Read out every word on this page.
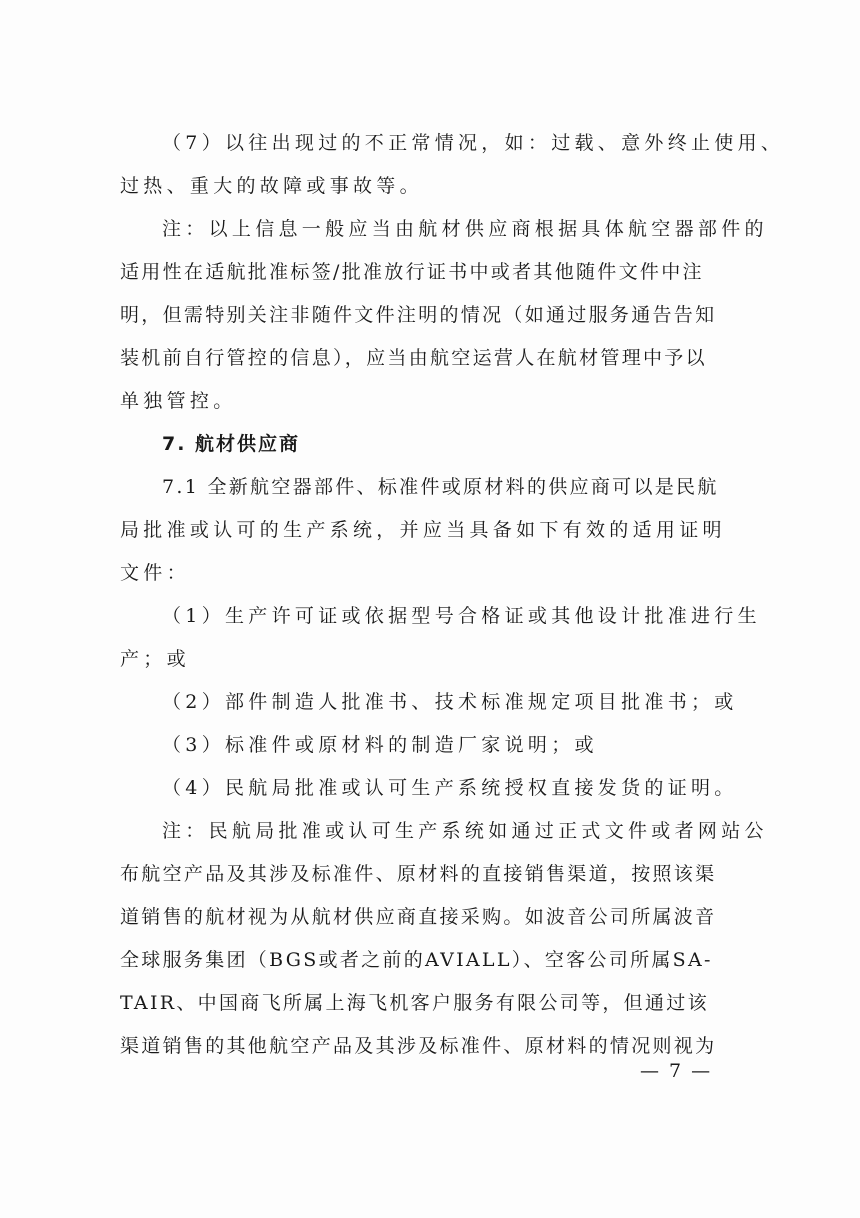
（7）以往出现过的不正常情况，如：过载、意外终止使用、
过热、重大的故障或事故等。
注：以上信息一般应当由航材供应商根据具体航空器部件的
适用性在适航批准标签/批准放行证书中或者其他随件文件中注
明，但需特别关注非随件文件注明的情况（如通过服务通告告知
装机前自行管控的信息），应当由航空运营人在航材管理中予以
单独管控。
7. 航材供应商
7.1 全新航空器部件、标准件或原材料的供应商可以是民航
局批准或认可的生产系统，并应当具备如下有效的适用证明
文件：
（1）生产许可证或依据型号合格证或其他设计批准进行生
产；或
（2）部件制造人批准书、技术标准规定项目批准书；或
（3）标准件或原材料的制造厂家说明；或
（4）民航局批准或认可生产系统授权直接发货的证明。
注：民航局批准或认可生产系统如通过正式文件或者网站公
布航空产品及其涉及标准件、原材料的直接销售渠道，按照该渠
道销售的航材视为从航材供应商直接采购。如波音公司所属波音
全球服务集团（BGS或者之前的AVIALL）、空客公司所属SA-
TAIR、中国商飞所属上海飞机客户服务有限公司等，但通过该
渠道销售的其他航空产品及其涉及标准件、原材料的情况则视为
— 7 —
